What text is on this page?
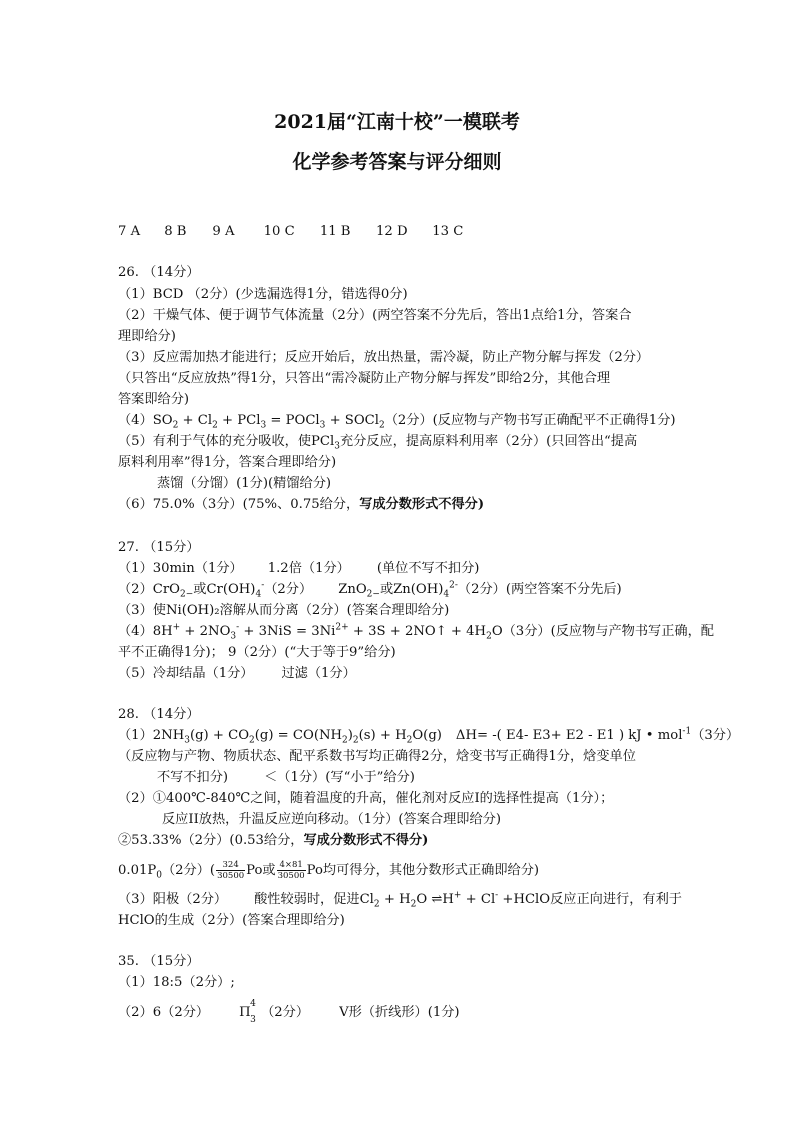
2021届“江南十校”一模联考
化学参考答案与评分细则
7 A 8 B 9 A 10 C 11 B 12 D 13 C
26. （14分）
（1）BCD （2分）(少选漏选得1分，错选得0分)
（2）干燥气体、便于调节气体流量（2分）(两空答案不分先后，答出1点给1分，答案合
理即给分)
（3）反应需加热才能进行；反应开始后，放出热量，需冷凝，防止产物分解与挥发（2分）
（只答出“反应放热”得1分，只答出“需冷凝防止产物分解与挥发”即给2分，其他合理
答案即给分)
$(4)SO_2 + Cl_2 + PCl_3$ = POCl$_3$ + SOCl$_2$（2分）(反应物与产物书写正确配平不正确得1分)
（5）有利于气体的充分吸收，使PCl$_3$充分反应，提高原料利用率（2分）(只回答出“提高
原料利用率”得1分，答案合理即给分)
蒸馏（分馏）(1分)(精馏给分)
（6）75.0%（3分）(75%、0.75给分，写成分数形式不得分)
27. （15分）
（1）30min（1分） 1.2倍（1分） (单位不写不扣分)
（2）CrO$_{2-}$或$Cr(OH)_4^-(2$分） ZnO$_{2-}$或$Zn(OH)_4^{2-}(2$分）(两空答案不分先后)
（3）使Ni(OH)₂溶解从而分离（2分）(答案合理即给分)
$(4)8H^+ + 2NO_3^- + 3NiS = 3Ni^{2+} + 3S$ + 2NO↑ + $4H_2O(3$分）(反应物与产物书写正确，配
平不正确得1分)； 9（2分）(“大于等于9”给分)
（5）冷却结晶（1分） 过滤（1分）
28. （14分）
$(1)2NH_3(g) + CO_2(g) = CO(NH_2)_2(s) + H_2O(g)$ ΔH= -( E4- E3+ E2 - E1 ) kJ • mol$^{-1}$（3分）
（反应物与产物、物质状态、配平系数书写均正确得2分，焓变书写正确得1分，焓变单位
不写不扣分)	＜（1分）(写“小于”给分)
（2）①400℃-840℃之间，随着温度的升高，催化剂对反应I的选择性提高（1分）；
反应II放热，升温反应逆向移动。（1分）(答案合理即给分)
②53.33%（2分）(0.53给分，写成分数形式不得分)
$0.01P_0(2$分）( $\frac{324}{30500}$ Po或 $\frac{4\times 81}{30500}$ Po均可得分，其他分数形式正确即给分)
（3）阳极（2分） 酸性较弱时，促进$Cl_2 + H_2O$ ⇌H+ + Cl- +HClO反应正向进行，有利于
HClO的生成（2分）(答案合理即给分)
35. （15分）
（1）18:5（2分）;
（2）6（2分） Π
4
3 （2分） V形（折线形）(1分)
